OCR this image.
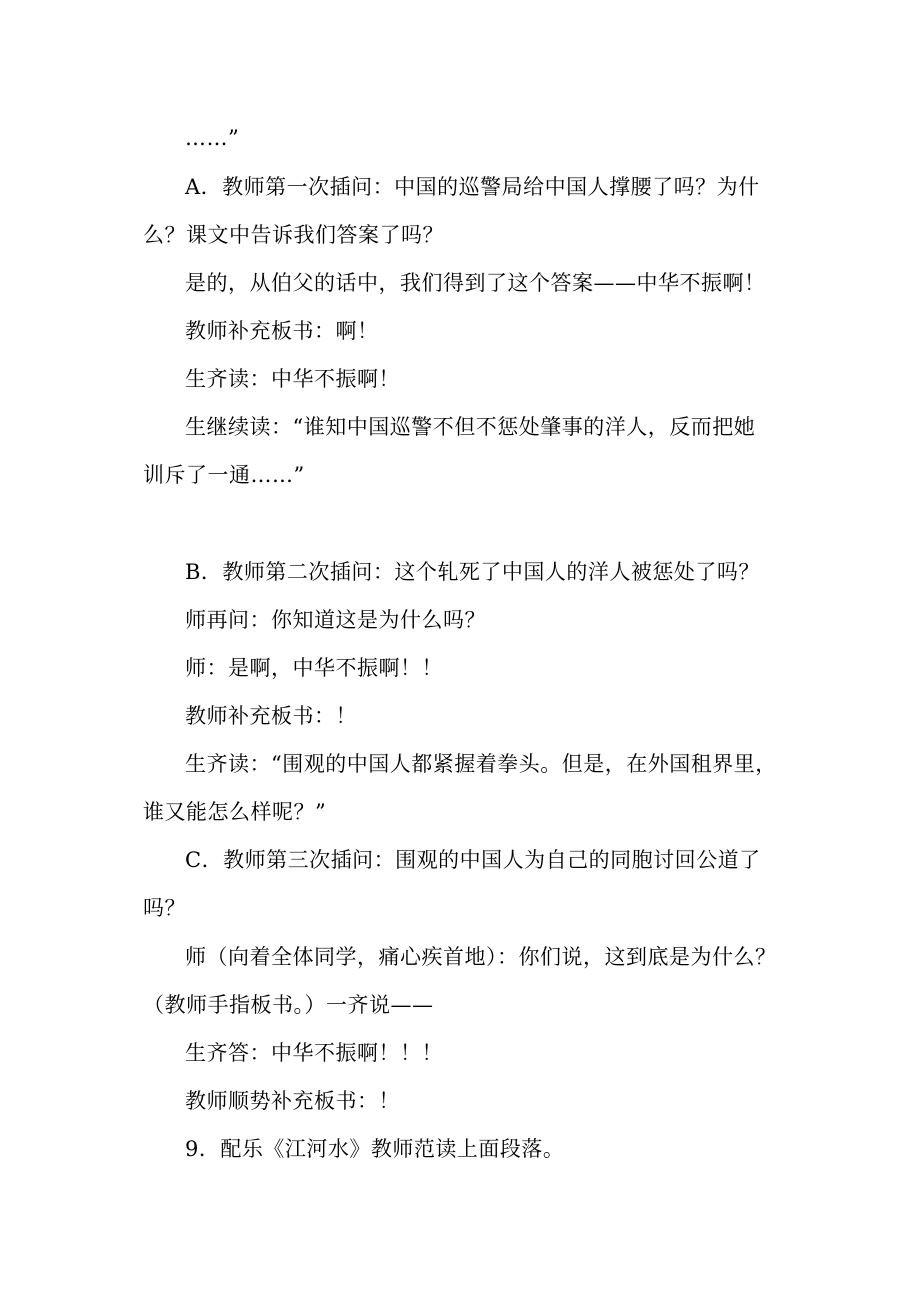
……”
A．教师第一次插问：中国的巡警局给中国人撑腰了吗？为什
么？课文中告诉我们答案了吗？
是的，从伯父的话中，我们得到了这个答案——中华不振啊！
教师补充板书：啊！
生齐读：中华不振啊！
生继续读：“谁知中国巡警不但不惩处肇事的洋人，反而把她
训斥了一通……”
B．教师第二次插问：这个轧死了中国人的洋人被惩处了吗？
师再问：你知道这是为什么吗？
师：是啊，中华不振啊！！
教师补充板书：！
生齐读：“围观的中国人都紧握着拳头。但是，在外国租界里，
谁又能怎么样呢？”
C．教师第三次插问：围观的中国人为自己的同胞讨回公道了
吗？
师（向着全体同学，痛心疾首地）：你们说，这到底是为什么？
（教师手指板书。）一齐说——
生齐答：中华不振啊！！！
教师顺势补充板书：！
9．配乐《江河水》教师范读上面段落。
